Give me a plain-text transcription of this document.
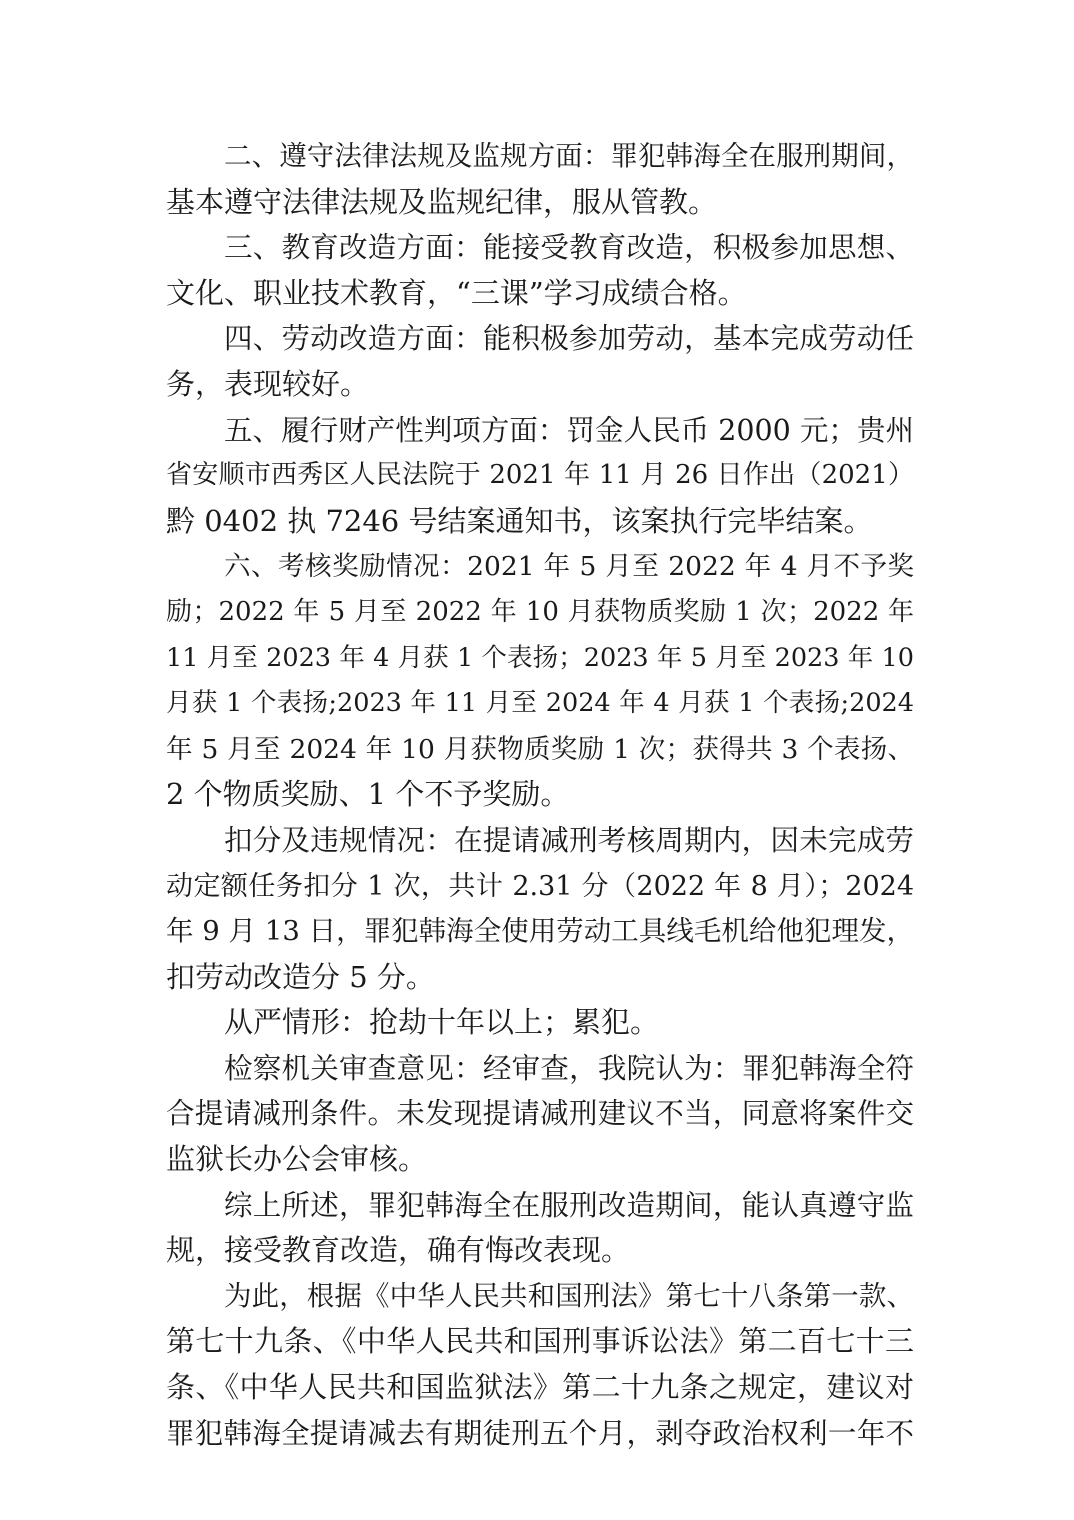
二、遵守法律法规及监规方面：罪犯韩海全在服刑期间，
基本遵守法律法规及监规纪律，服从管教。
三、教育改造方面：能接受教育改造，积极参加思想、
文化、职业技术教育，“三课”学习成绩合格。
四、劳动改造方面：能积极参加劳动，基本完成劳动任
务，表现较好。
五、履行财产性判项方面：罚金人民币 2000 元；贵州
省安顺市西秀区人民法院于 2021 年 11 月 26 日作出（2021）
黔 0402 执 7246 号结案通知书，该案执行完毕结案。
六、考核奖励情况：2021 年 5 月至 2022 年 4 月不予奖
励；2022 年 5 月至 2022 年 10 月获物质奖励 1 次；2022 年
11 月至 2023 年 4 月获 1 个表扬；2023 年 5 月至 2023 年 10
月获 1 个表扬;2023 年 11 月至 2024 年 4 月获 1 个表扬;2024
年 5 月至 2024 年 10 月获物质奖励 1 次；获得共 3 个表扬、
2 个物质奖励、1 个不予奖励。
扣分及违规情况：在提请减刑考核周期内，因未完成劳
动定额任务扣分 1 次，共计 2.31 分（2022 年 8 月）；2024
年 9 月 13 日，罪犯韩海全使用劳动工具线毛机给他犯理发，
扣劳动改造分 5 分。
从严情形：抢劫十年以上；累犯。
检察机关审查意见：经审查，我院认为：罪犯韩海全符
合提请减刑条件。未发现提请减刑建议不当，同意将案件交
监狱长办公会审核。
综上所述，罪犯韩海全在服刑改造期间，能认真遵守监
规，接受教育改造，确有悔改表现。
为此，根据《中华人民共和国刑法》第七十八条第一款、
第七十九条、《中华人民共和国刑事诉讼法》第二百七十三
条、《中华人民共和国监狱法》第二十九条之规定，建议对
罪犯韩海全提请减去有期徒刑五个月，剥夺政治权利一年不
